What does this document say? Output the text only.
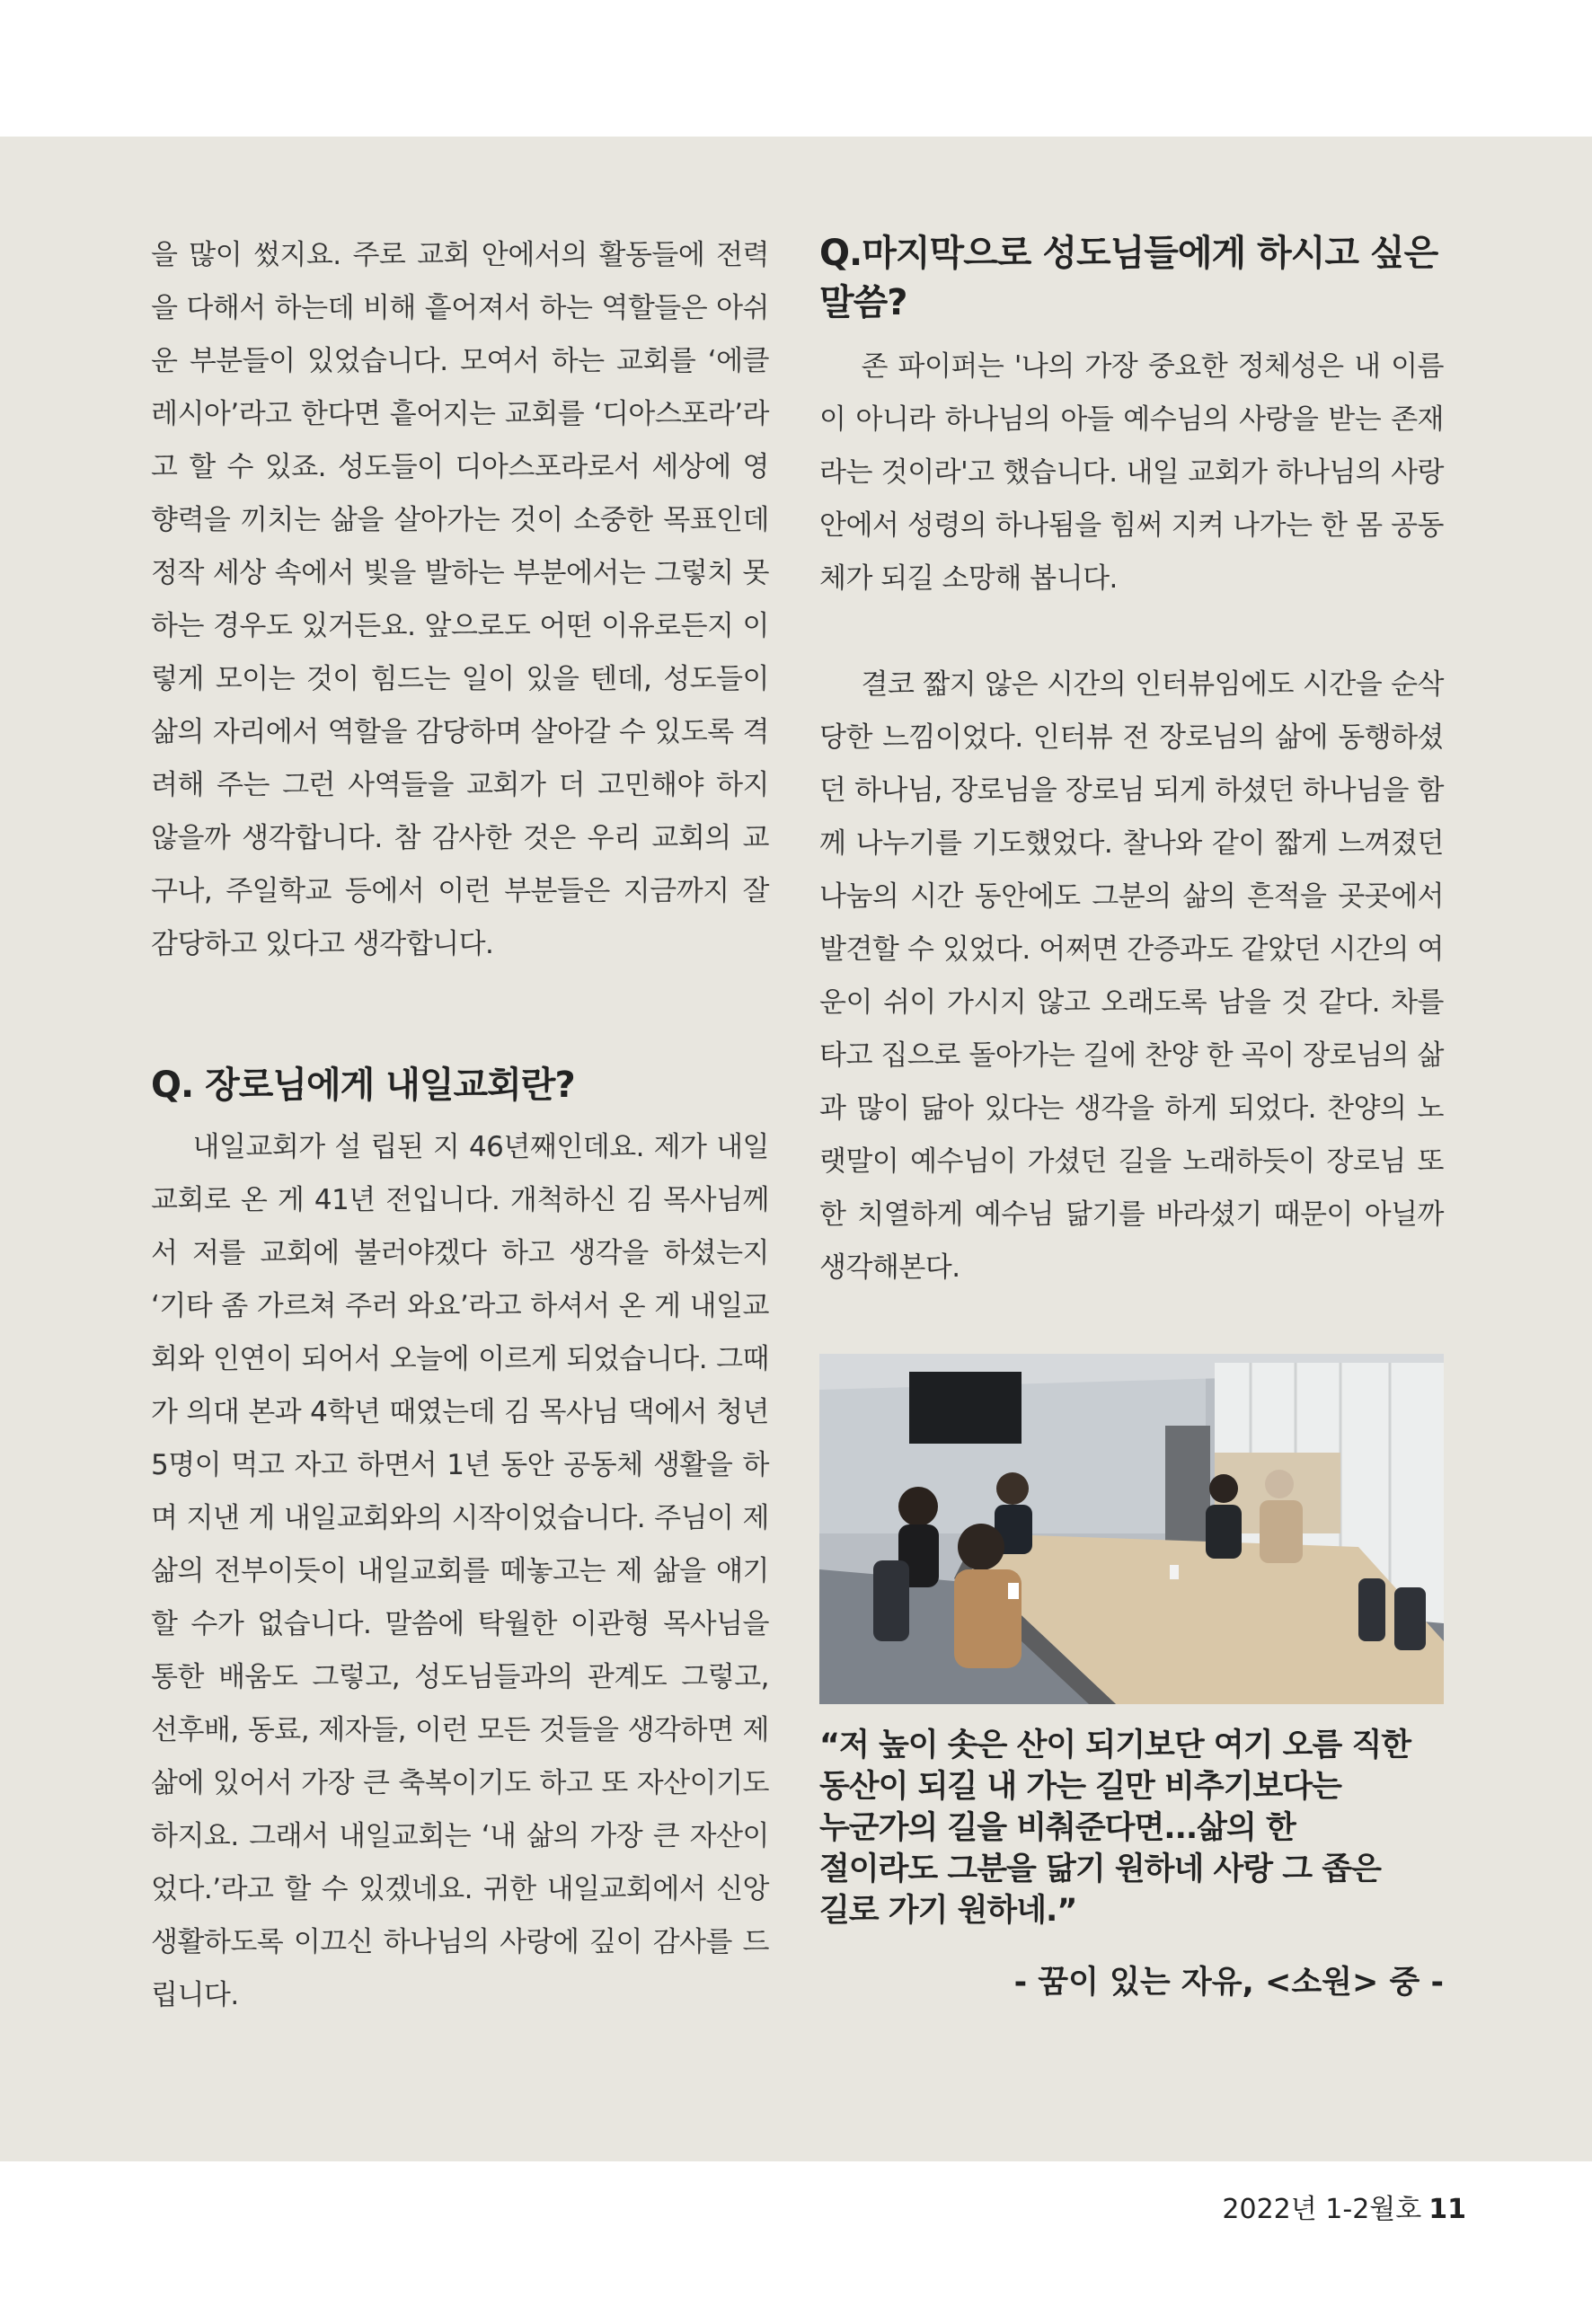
을 많이 썼지요. 주로 교회 안에서의 활동들에 전력을 다해서 하는데 비해 흩어져서 하는 역할들은 아쉬운 부분들이 있었습니다. 모여서 하는 교회를 ‘에클레시아’라고 한다면 흩어지는 교회를 ‘디아스포라’라고 할 수 있죠. 성도들이 디아스포라로서 세상에 영향력을 끼치는 삶을 살아가는 것이 소중한 목표인데 정작 세상 속에서 빛을 발하는 부분에서는 그렇치 못하는 경우도 있거든요. 앞으로도 어떤 이유로든지 이렇게 모이는 것이 힘드는 일이 있을 텐데, 성도들이 삶의 자리에서 역할을 감당하며 살아갈 수 있도록 격려해 주는 그런 사역들을 교회가 더 고민해야 하지 않을까 생각합니다. 참 감사한 것은 우리 교회의 교구나, 주일학교 등에서 이런 부분들은 지금까지 잘 감당하고 있다고 생각합니다.

Q. 장로님에게 내일교회란?

내일교회가 설 립된 지 46년째인데요. 제가 내일교회로 온 게 41년 전입니다. 개척하신 김 목사님께서 저를 교회에 불러야겠다 하고 생각을 하셨는지 ‘기타 좀 가르쳐 주러 와요’라고 하셔서 온 게 내일교회와 인연이 되어서 오늘에 이르게 되었습니다. 그때가 의대 본과 4학년 때였는데 김 목사님 댁에서 청년 5명이 먹고 자고 하면서 1년 동안 공동체 생활을 하며 지낸 게 내일교회와의 시작이었습니다. 주님이 제 삶의 전부이듯이 내일교회를 떼놓고는 제 삶을 얘기할 수가 없습니다. 말씀에 탁월한 이관형 목사님을 통한 배움도 그렇고, 성도님들과의 관계도 그렇고, 선후배, 동료, 제자들, 이런 모든 것들을 생각하면 제 삶에 있어서 가장 큰 축복이기도 하고 또 자산이기도 하지요. 그래서 내일교회는 ‘내 삶의 가장 큰 자산이었다.’라고 할 수 있겠네요. 귀한 내일교회에서 신앙 생활하도록 이끄신 하나님의 사랑에 깊이 감사를 드립니다.

Q.마지막으로 성도님들에게 하시고 싶은 말씀?

존 파이퍼는 '나의 가장 중요한 정체성은 내 이름이 아니라 하나님의 아들 예수님의 사랑을 받는 존재라는 것이라'고 했습니다. 내일 교회가 하나님의 사랑 안에서 성령의 하나됨을 힘써 지켜 나가는 한 몸 공동체가 되길 소망해 봅니다.

결코 짧지 않은 시간의 인터뷰임에도 시간을 순삭당한 느낌이었다. 인터뷰 전 장로님의 삶에 동행하셨던 하나님, 장로님을 장로님 되게 하셨던 하나님을 함께 나누기를 기도했었다. 찰나와 같이 짧게 느껴졌던 나눔의 시간 동안에도 그분의 삶의 흔적을 곳곳에서 발견할 수 있었다. 어쩌면 간증과도 같았던 시간의 여운이 쉬이 가시지 않고 오래도록 남을 것 같다. 차를 타고 집으로 돌아가는 길에 찬양 한 곡이 장로님의 삶과 많이 닮아 있다는 생각을 하게 되었다. 찬양의 노랫말이 예수님이 가셨던 길을 노래하듯이 장로님 또한 치열하게 예수님 닮기를 바라셨기 때문이 아닐까 생각해본다.

“저 높이 솟은 산이 되기보단 여기 오름 직한
동산이 되길 내 가는 길만 비추기보다는
누군가의 길을 비춰준다면...삶의 한
절이라도 그분을 닮기 원하네 사랑 그 좁은
길로 가기 원하네.”
- 꿈이 있는 자유, <소원> 중 -
2022년 1-2월호 11
